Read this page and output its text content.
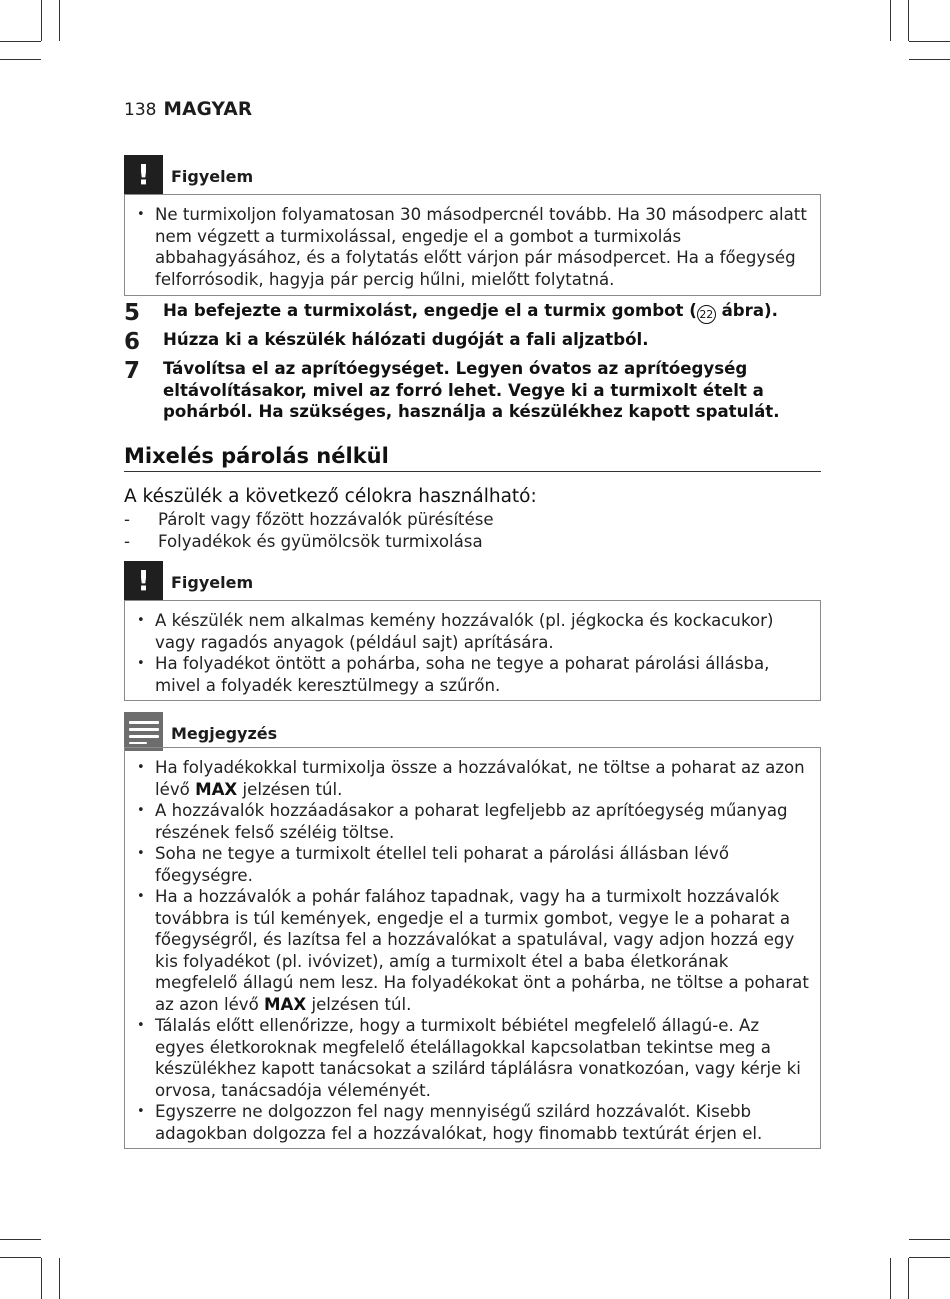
138 MAGYAR
! Figyelem
• Ne turmixoljon folyamatosan 30 másodpercnél tovább. Ha 30 másodperc alatt nem végzett a turmixolással, engedje el a gombot a turmixolás abbahagyásához, és a folytatás előtt várjon pár másodpercet. Ha a főegység felforrósodik, hagyja pár percig hűlni, mielőtt folytatná.
5	Ha befejezte a turmixolást, engedje el a turmix gombot ( 22 ábra).
6	Húzza ki a készülék hálózati dugóját a fali aljzatból.
7	Távolítsa el az aprítóegységet. Legyen óvatos az aprítóegység eltávolításakor, mivel az forró lehet. Vegye ki a turmixolt ételt a pohárból. Ha szükséges, használja a készülékhez kapott spatulát.
Mixelés párolás nélkül
A készülék a következő célokra használható:
- Párolt vagy főzött hozzávalók pürésítése
- Folyadékok és gyümölcsök turmixolása
! Figyelem
• A készülék nem alkalmas kemény hozzávalók (pl. jégkocka és kockacukor) vagy ragadós anyagok (például sajt) aprítására.
• Ha folyadékot öntött a pohárba, soha ne tegye a poharat párolási állásba, mivel a folyadék keresztülmegy a szűrőn.
Megjegyzés
• Ha folyadékokkal turmixolja össze a hozzávalókat, ne töltse a poharat az azon lévő MAX jelzésen túl.
• A hozzávalók hozzáadásakor a poharat legfeljebb az aprítóegység műanyag részének felső széléig töltse.
• Soha ne tegye a turmixolt étellel teli poharat a párolási állásban lévő főegységre.
• Ha a hozzávalók a pohár falához tapadnak, vagy ha a turmixolt hozzávalók továbbra is túl kemények, engedje el a turmix gombot, vegye le a poharat a főegységről, és lazítsa fel a hozzávalókat a spatulával, vagy adjon hozzá egy kis folyadékot (pl. ivóvizet), amíg a turmixolt étel a baba életkorának megfelelő állagú nem lesz. Ha folyadékokat önt a pohárba, ne töltse a poharat az azon lévő MAX jelzésen túl.
• Tálalás előtt ellenőrizze, hogy a turmixolt bébiétel megfelelő állagú-e. Az egyes életkoroknak megfelelő ételállagokkal kapcsolatban tekintse meg a készülékhez kapott tanácsokat a szilárd táplálásra vonatkozóan, vagy kérje ki orvosa, tanácsadója véleményét.
• Egyszerre ne dolgozzon fel nagy mennyiségű szilárd hozzávalót. Kisebb adagokban dolgozza fel a hozzávalókat, hogy finomabb textúrát érjen el.
